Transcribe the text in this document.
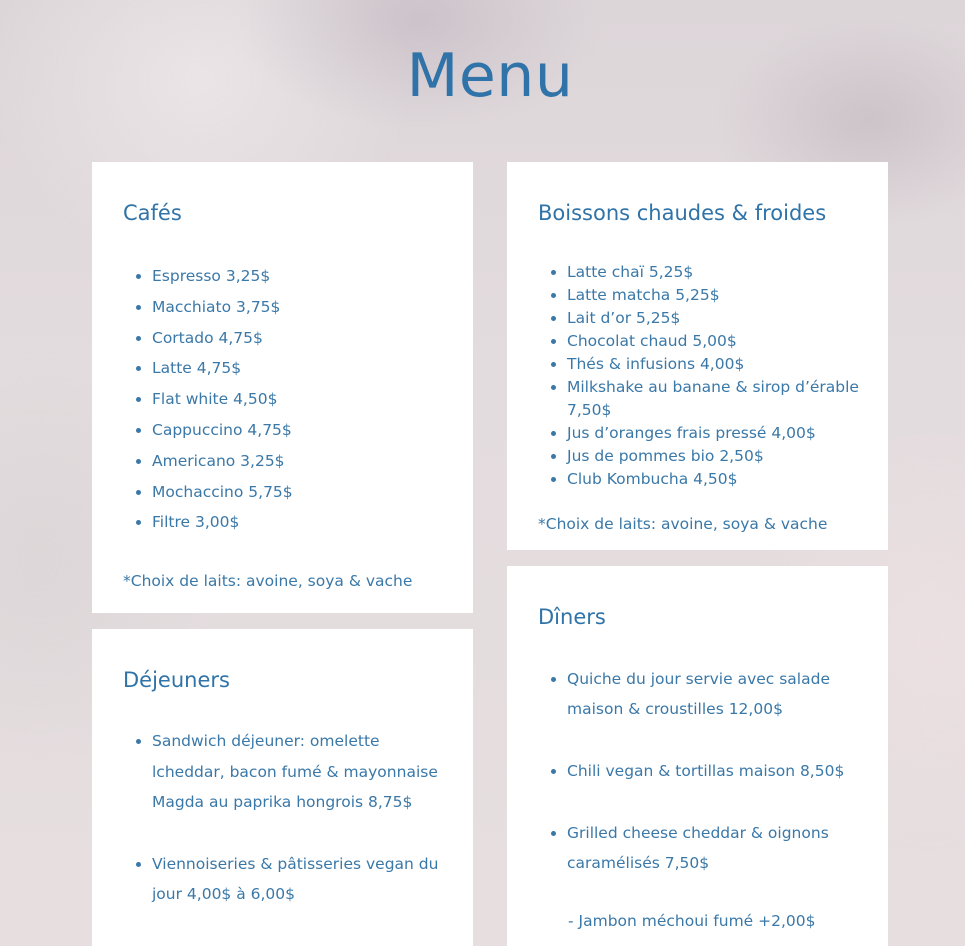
Menu
Cafés
• Espresso 3,25$
• Macchiato 3,75$
• Cortado 4,75$
• Latte 4,75$
• Flat white 4,50$
• Cappuccino 4,75$
• Americano 3,25$
• Mochaccino 5,75$
• Filtre 3,00$
*Choix de laits: avoine, soya & vache
Boissons chaudes & froides
• Latte chaï 5,25$
• Latte matcha 5,25$
• Lait d’or 5,25$
• Chocolat chaud 5,00$
• Thés & infusions 4,00$
• Milkshake au banane & sirop d’érable 7,50$
• Jus d’oranges frais pressé 4,00$
• Jus de pommes bio 2,50$
• Club Kombucha 4,50$
*Choix de laits: avoine, soya & vache
Déjeuners
• Sandwich déjeuner: omelette lcheddar, bacon fumé & mayonnaise Magda au paprika hongrois 8,75$
• Viennoiseries & pâtisseries vegan du jour 4,00$ à 6,00$
Dîners
• Quiche du jour servie avec salade maison & croustilles 12,00$
• Chili vegan & tortillas maison 8,50$
• Grilled cheese cheddar & oignons caramélisés 7,50$
- Jambon méchoui fumé +2,00$
